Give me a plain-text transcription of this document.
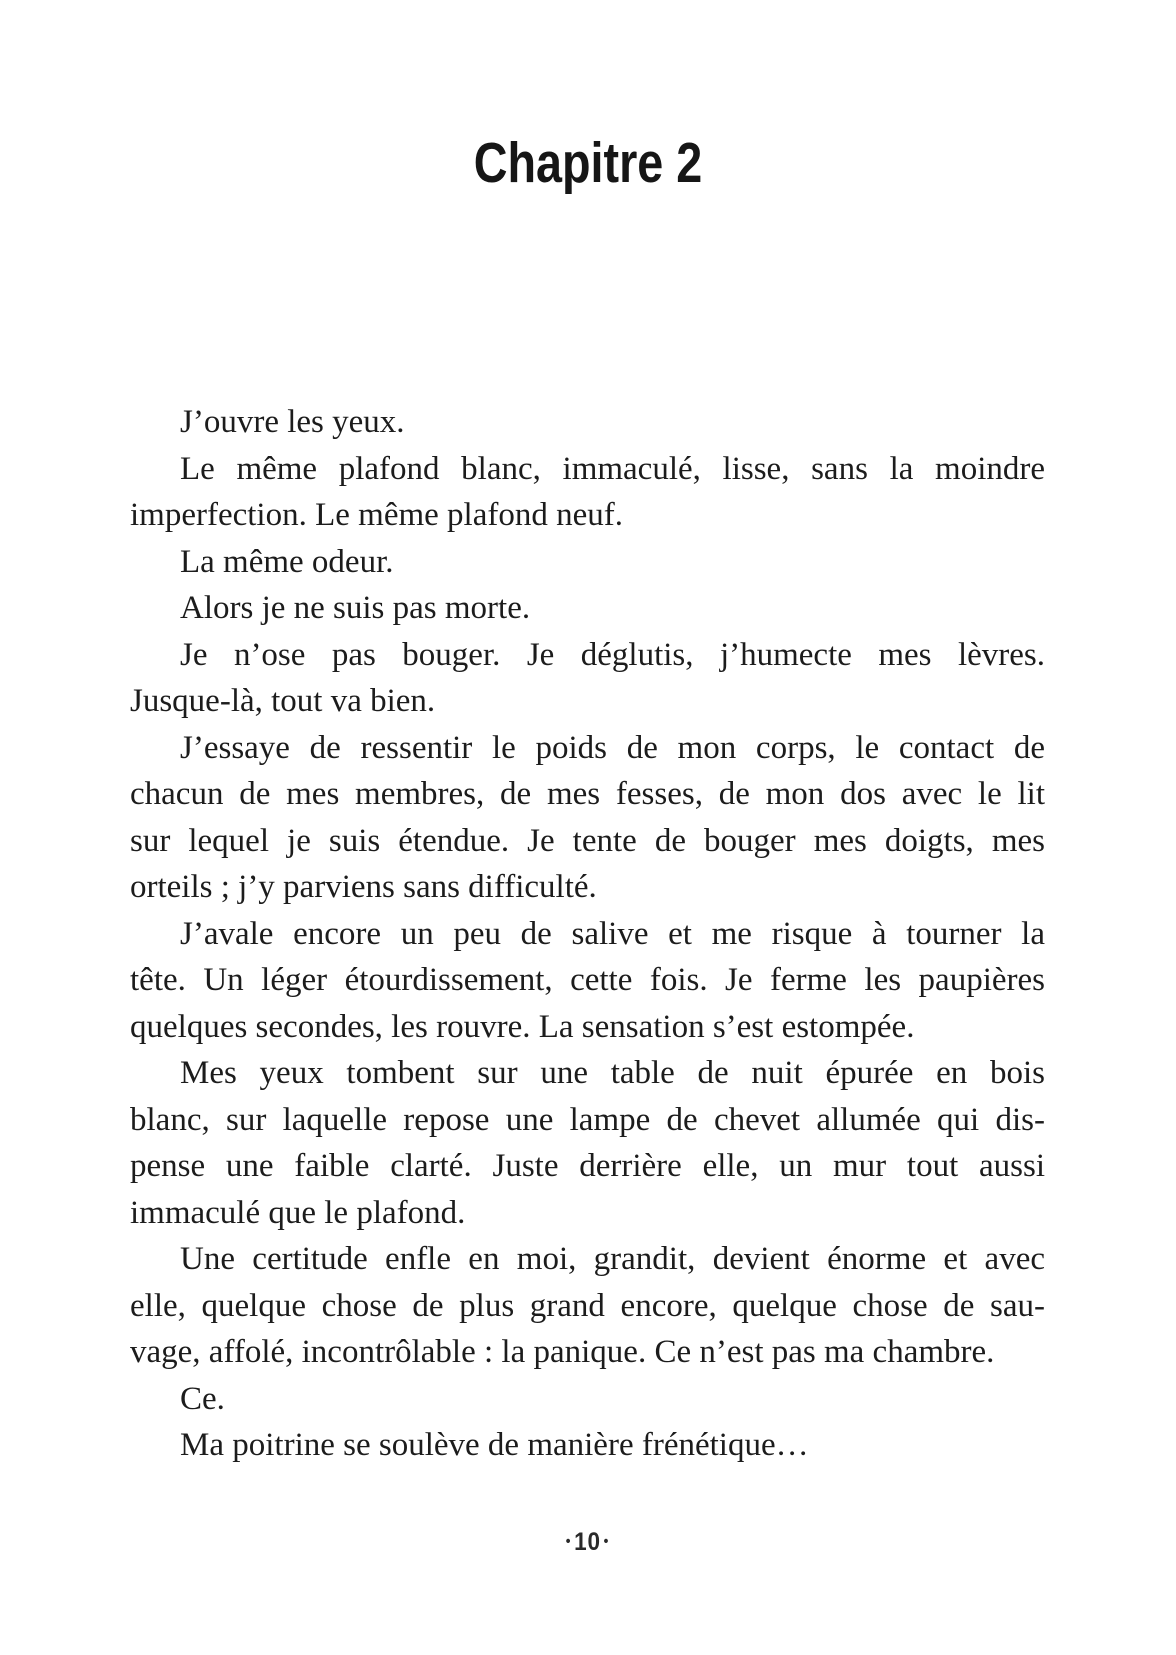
Chapitre 2
J’ouvre les yeux.
Le même plafond blanc, immaculé, lisse, sans la moindre
imperfection. Le même plafond neuf.
La même odeur.
Alors je ne suis pas morte.
Je n’ose pas bouger. Je déglutis, j’humecte mes lèvres.
Jusque-là, tout va bien.
J’essaye de ressentir le poids de mon corps, le contact de
chacun de mes membres, de mes fesses, de mon dos avec le lit
sur lequel je suis étendue. Je tente de bouger mes doigts, mes
orteils ; j’y parviens sans difficulté.
J’avale encore un peu de salive et me risque à tourner la
tête. Un léger étourdissement, cette fois. Je ferme les paupières
quelques secondes, les rouvre. La sensation s’est estompée.
Mes yeux tombent sur une table de nuit épurée en bois
blanc, sur laquelle repose une lampe de chevet allumée qui dis-
pense une faible clarté. Juste derrière elle, un mur tout aussi
immaculé que le plafond.
Une certitude enfle en moi, grandit, devient énorme et avec
elle, quelque chose de plus grand encore, quelque chose de sau-
vage, affolé, incontrôlable : la panique. Ce n’est pas ma chambre.
Ce.
Ma poitrine se soulève de manière frénétique…
• 10 •
